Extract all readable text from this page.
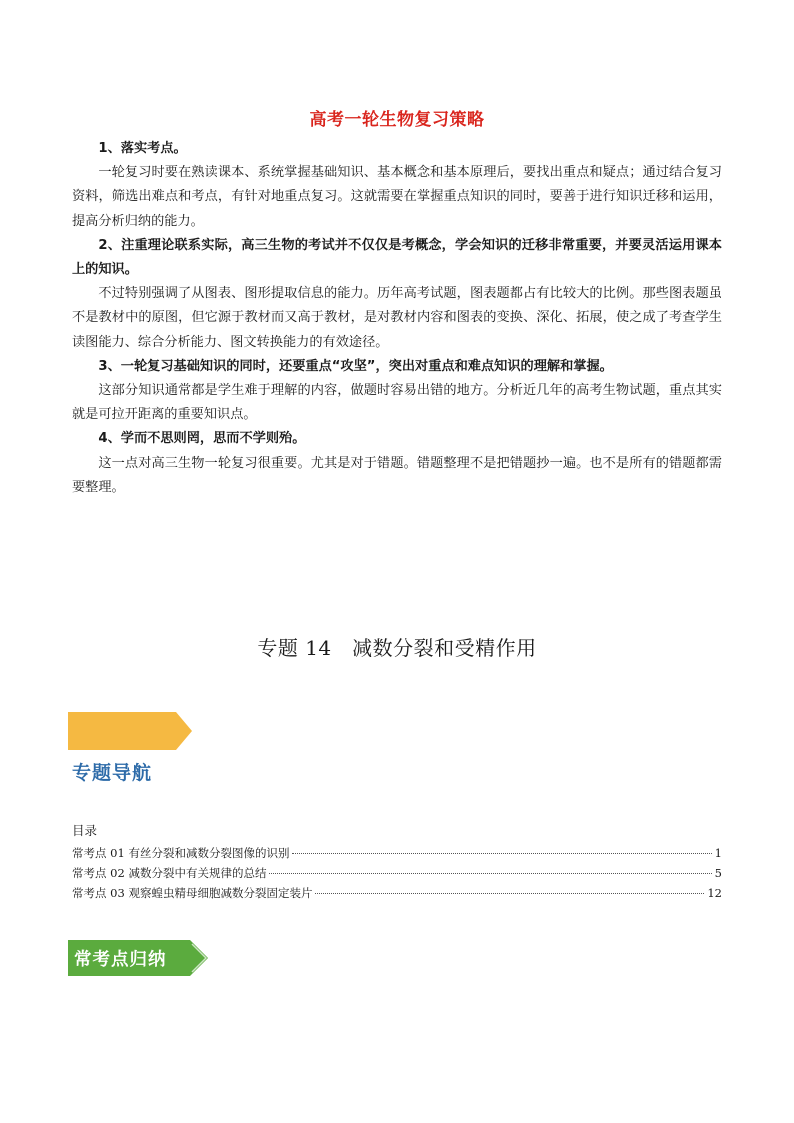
高考一轮生物复习策略

1、落实考点。

一轮复习时要在熟读课本、系统掌握基础知识、基本概念和基本原理后，要找出重点和疑点；通过结合复习资料，筛选出难点和考点，有针对地重点复习。这就需要在掌握重点知识的同时，要善于进行知识迁移和运用，提高分析归纳的能力。

2、注重理论联系实际，高三生物的考试并不仅仅是考概念，学会知识的迁移非常重要，并要灵活运用课本上的知识。

不过特别强调了从图表、图形提取信息的能力。历年高考试题，图表题都占有比较大的比例。那些图表题虽不是教材中的原图，但它源于教材而又高于教材，是对教材内容和图表的变换、深化、拓展，使之成了考查学生读图能力、综合分析能力、图文转换能力的有效途径。

3、一轮复习基础知识的同时，还要重点“攻坚”，突出对重点和难点知识的理解和掌握。

这部分知识通常都是学生难于理解的内容，做题时容易出错的地方。分析近几年的高考生物试题，重点其实就是可拉开距离的重要知识点。

4、学而不思则罔，思而不学则殆。

这一点对高三生物一轮复习很重要。尤其是对于错题。错题整理不是把错题抄一遍。也不是所有的错题都需要整理。

专题 14　减数分裂和受精作用
专题导航
目录
常考点 01 有丝分裂和减数分裂图像的识别	1
常考点 02 减数分裂中有关规律的总结	5
常考点 03 观察蝗虫精母细胞减数分裂固定装片	12
常考点归纳
